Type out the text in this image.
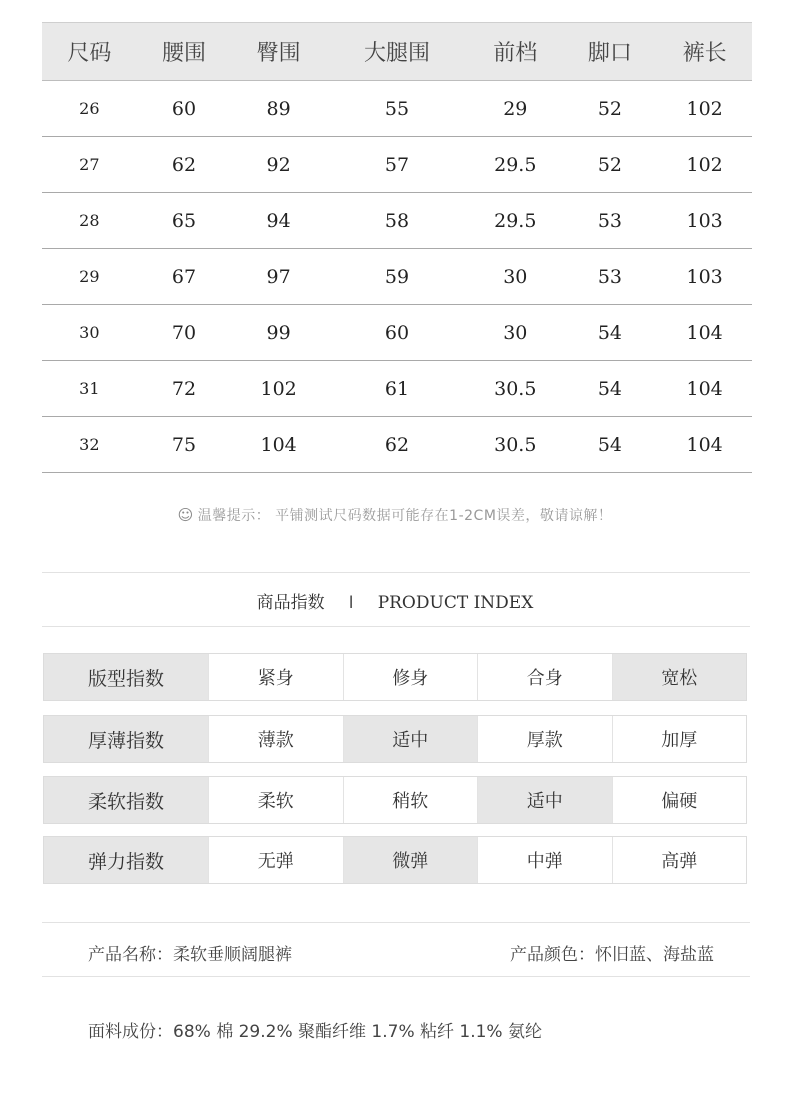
尺码	腰围	臀围	大腿围	前档	脚口	裤长
26	60	89	55	29	52	102
27	62	92	57	29.5	52	102
28	65	94	58	29.5	53	103
29	67	97	59	30	53	103
30	70	99	60	30	54	104
31	72	102	61	30.5	54	104
32	75	104	62	30.5	54	104
☺ 温馨提示： 平铺测试尺码数据可能存在1-2CM误差，敬请谅解！
商品指数 I PRODUCT INDEX
版型指数	紧身	修身	合身	宽松
厚薄指数	薄款	适中	厚款	加厚
柔软指数	柔软	稍软	适中	偏硬
弹力指数	无弹	微弹	中弹	高弹
产品名称：柔软垂顺阔腿裤	产品颜色：怀旧蓝、海盐蓝
面料成份：68% 棉 29.2% 聚酯纤维 1.7% 粘纤 1.1% 氨纶
